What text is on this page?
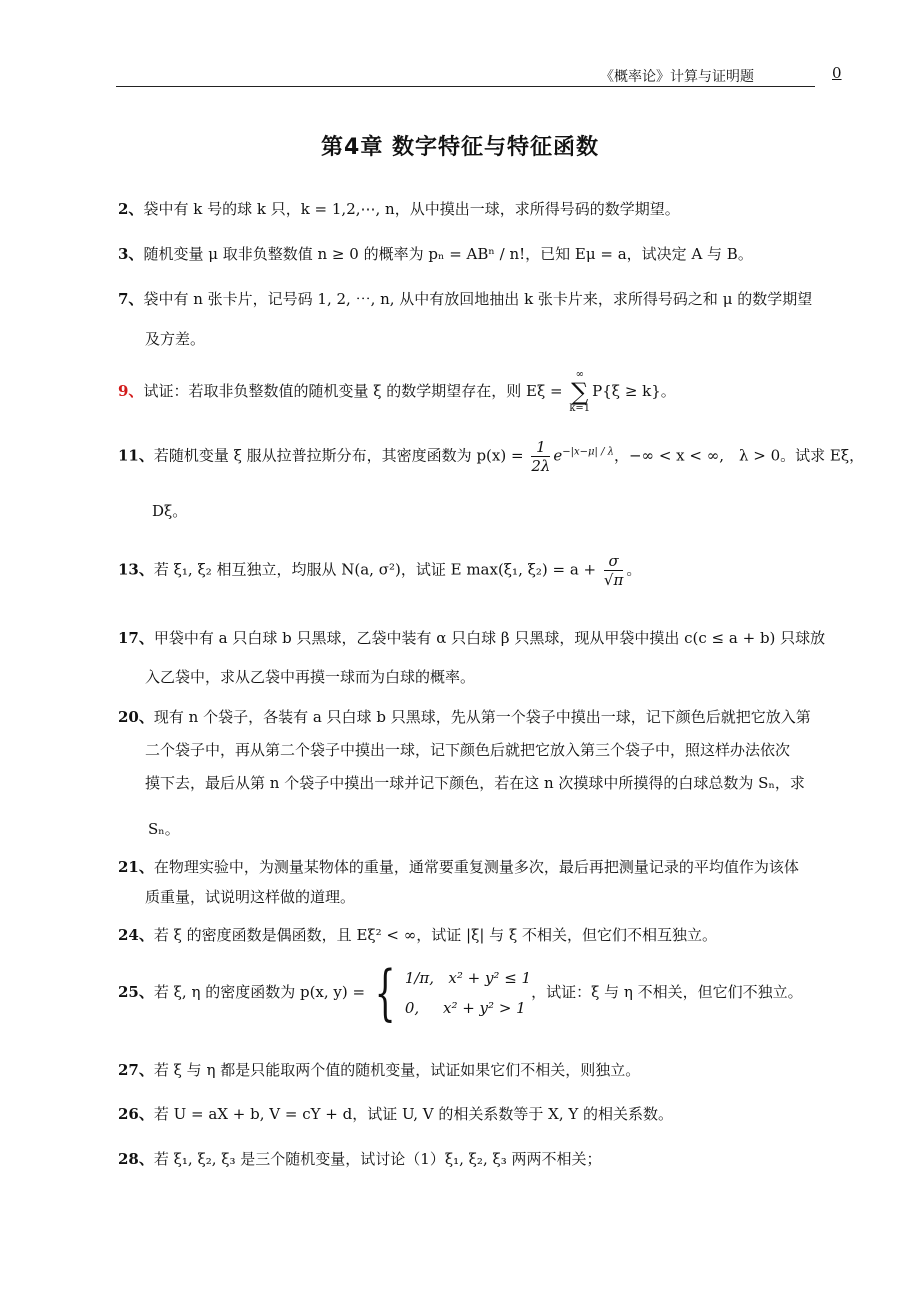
《概率论》计算与证明题	0
第4章 数字特征与特征函数
2、袋中有 k 号的球 k 只，k = 1,2,⋯, n，从中摸出一球，求所得号码的数学期望。
3、随机变量 μ 取非负整数值 n ≥ 0 的概率为 pₙ = ABⁿ / n!，已知 Eμ = a，试决定 A 与 B。
7、袋中有 n 张卡片，记号码 1, 2, ⋯, n, 从中有放回地抽出 k 张卡片来，求所得号码之和 μ 的数学期望
及方差。
9、试证：若取非负整数值的随机变量 ξ 的数学期望存在，则 Eξ = ∞
∑
k=1P{ξ ≥ k}。
11、若随机变量 ξ 服从拉普拉斯分布，其密度函数为 $p(x) = \frac{1}{2\lambda} e^{-|x-\mu| / \lambda}$，−∞ < x < ∞,　λ > 0。试求 Eξ，
Dξ。
13、若 ξ₁, ξ₂ 相互独立，均服从 N(a, σ²)，试证 E max(ξ₁, $\xi_2) = a + \frac{\sigma}{√\pi}$ 。
17、甲袋中有 a 只白球 b 只黑球，乙袋中装有 α 只白球 β 只黑球，现从甲袋中摸出 c(c ≤ a + b) 只球放
入乙袋中，求从乙袋中再摸一球而为白球的概率。
20、现有 n 个袋子，各装有 a 只白球 b 只黑球，先从第一个袋子中摸出一球，记下颜色后就把它放入第
二个袋子中，再从第二个袋子中摸出一球，记下颜色后就把它放入第三个袋子中，照这样办法依次
摸下去，最后从第 n 个袋子中摸出一球并记下颜色，若在这 n 次摸球中所摸得的白球总数为 Sₙ，求
Sₙ。
21、在物理实验中，为测量某物体的重量，通常要重复测量多次，最后再把测量记录的平均值作为该体
质重量，试说明这样做的道理。
24、若 ξ 的密度函数是偶函数，且 Eξ² < ∞，试证 |ξ| 与 ξ 不相关，但它们不相互独立。
25、若 ξ, η 的密度函数为 p(x, y) = { 1/π, x² + y² ≤ 1
0, x² + y² > 1
，试证：ξ 与 η 不相关，但它们不独立。
27、若 ξ 与 η 都是只能取两个值的随机变量，试证如果它们不相关，则独立。
26、若 U = aX + b, V = cY + d，试证 U, V 的相关系数等于 X, Y 的相关系数。
28、若 ξ₁, ξ₂, ξ₃ 是三个随机变量，试讨论（1）ξ₁, ξ₂, ξ₃ 两两不相关；
